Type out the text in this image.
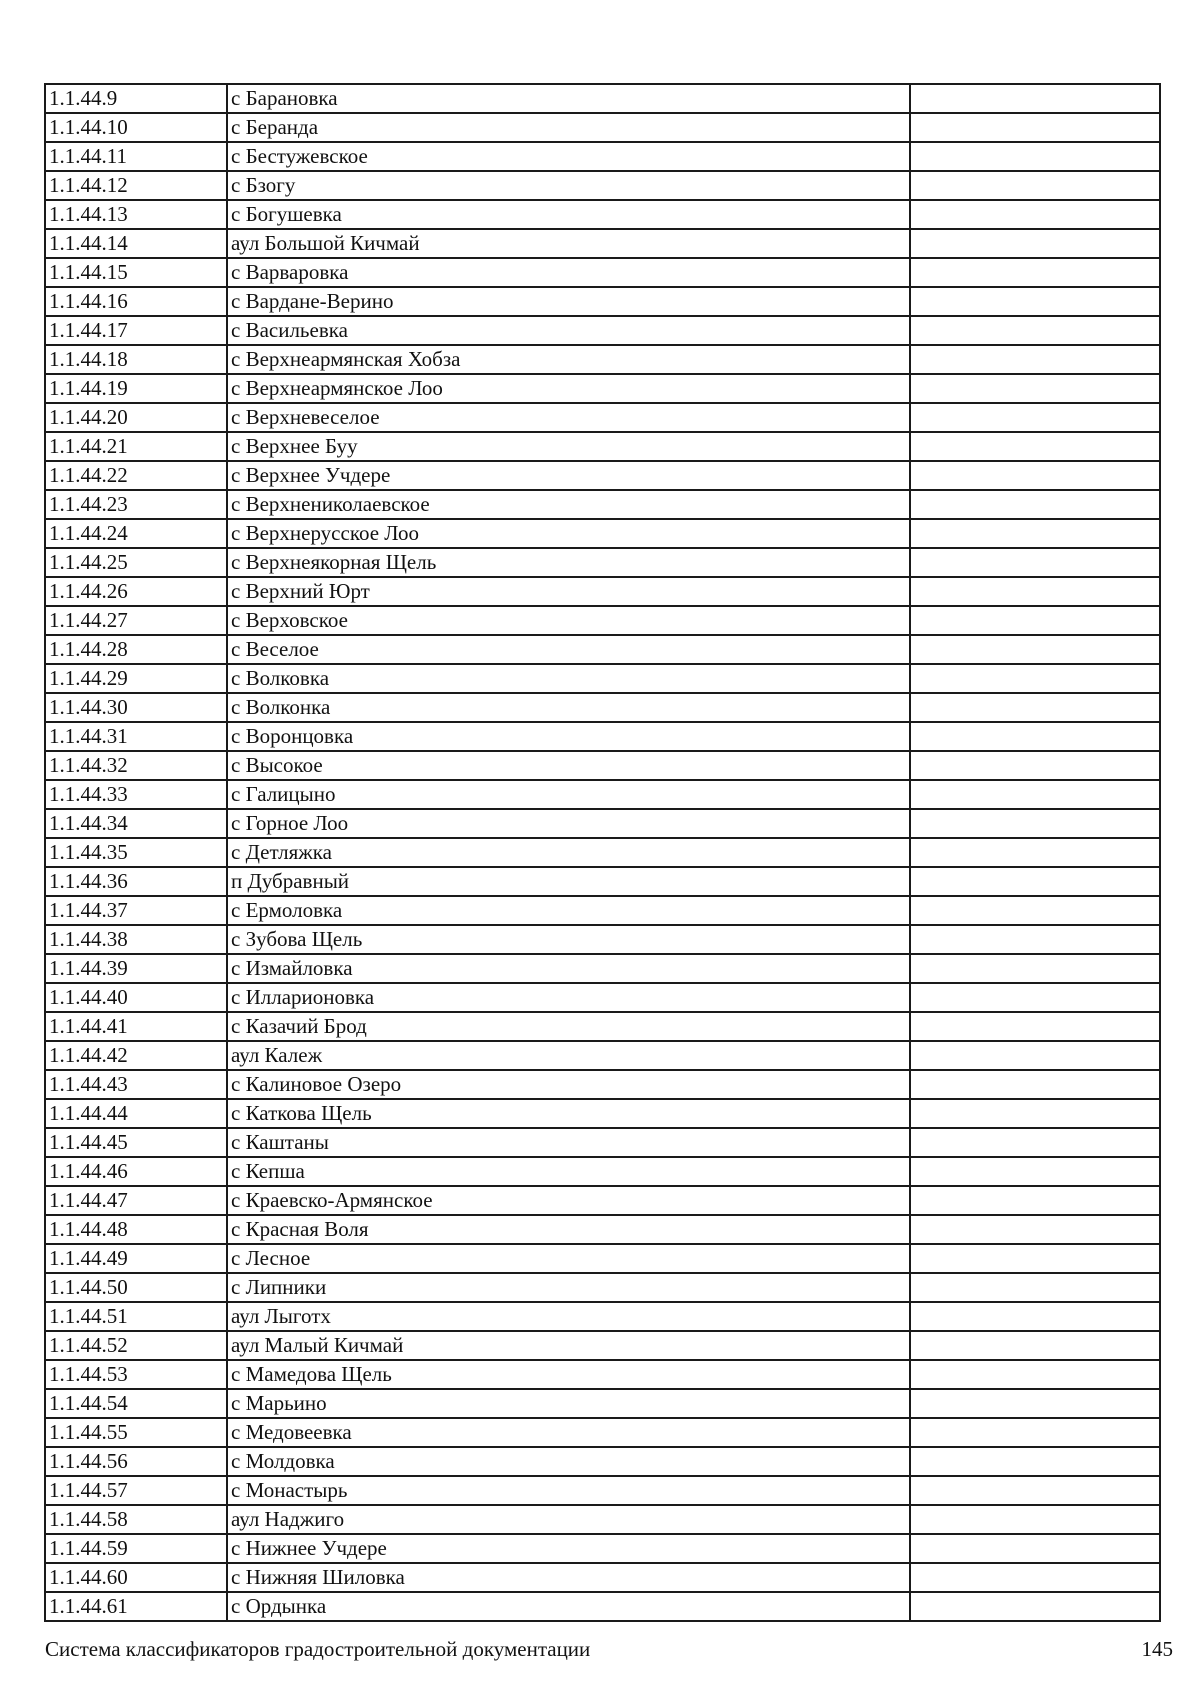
1.1.44.9	с Барановка	
1.1.44.10	с Беранда	
1.1.44.11	с Бестужевское	
1.1.44.12	с Бзогу	
1.1.44.13	с Богушевка	
1.1.44.14	аул Большой Кичмай	
1.1.44.15	с Варваровка	
1.1.44.16	с Вардане-Верино	
1.1.44.17	с Васильевка	
1.1.44.18	с Верхнеармянская Хобза	
1.1.44.19	с Верхнеармянское Лоо	
1.1.44.20	с Верхневеселое	
1.1.44.21	с Верхнее Буу	
1.1.44.22	с Верхнее Учдере	
1.1.44.23	с Верхнениколаевское	
1.1.44.24	с Верхнерусское Лоо	
1.1.44.25	с Верхнеякорная Щель	
1.1.44.26	с Верхний Юрт	
1.1.44.27	с Верховское	
1.1.44.28	с Веселое	
1.1.44.29	с Волковка	
1.1.44.30	с Волконка	
1.1.44.31	с Воронцовка	
1.1.44.32	с Высокое	
1.1.44.33	с Галицыно	
1.1.44.34	с Горное Лоо	
1.1.44.35	с Детляжка	
1.1.44.36	п Дубравный	
1.1.44.37	с Ермоловка	
1.1.44.38	с Зубова Щель	
1.1.44.39	с Измайловка	
1.1.44.40	с Илларионовка	
1.1.44.41	с Казачий Брод	
1.1.44.42	аул Калеж	
1.1.44.43	с Калиновое Озеро	
1.1.44.44	с Каткова Щель	
1.1.44.45	с Каштаны	
1.1.44.46	с Кепша	
1.1.44.47	с Краевско-Армянское	
1.1.44.48	с Красная Воля	
1.1.44.49	с Лесное	
1.1.44.50	с Липники	
1.1.44.51	аул Лыготх	
1.1.44.52	аул Малый Кичмай	
1.1.44.53	с Мамедова Щель	
1.1.44.54	с Марьино	
1.1.44.55	с Медовеевка	
1.1.44.56	с Молдовка	
1.1.44.57	с Монастырь	
1.1.44.58	аул Наджиго	
1.1.44.59	с Нижнее Учдере	
1.1.44.60	с Нижняя Шиловка	
1.1.44.61	с Ордынка	
Система классификаторов градостроительной документации	145
